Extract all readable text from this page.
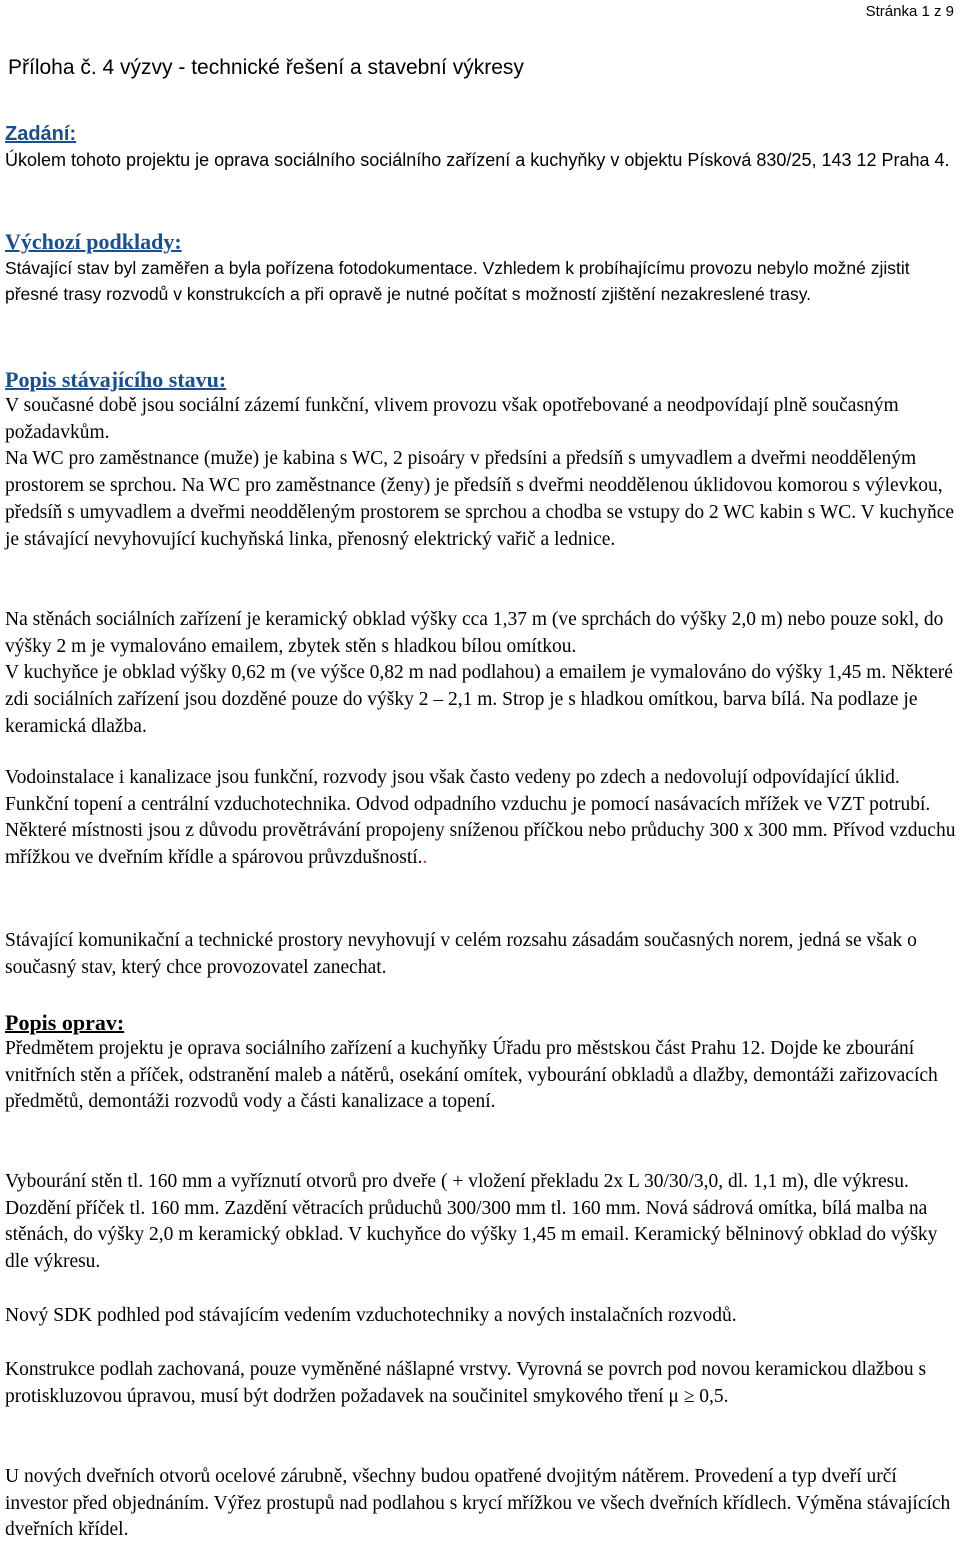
Stránka 1 z 9
Příloha č. 4 výzvy - technické řešení a stavební výkresy
Zadání:

Úkolem tohoto projektu je oprava sociálního sociálního zařízení a kuchyňky v objektu Písková 830/25, 143 12 Praha 4.

Výchozí podklady:

Stávající stav byl zaměřen a byla pořízena fotodokumentace. Vzhledem k probíhajícímu provozu nebylo možné zjistit přesné trasy rozvodů v konstrukcích a při opravě je nutné počítat s možností zjištění nezakreslené trasy.

Popis stávajícího stavu:

V současné době jsou sociální zázemí funkční, vlivem provozu však opotřebované a neodpovídají plně současným požadavkům.

Na WC pro zaměstnance (muže) je kabina s WC, 2 pisoáry v předsíni a předsíň s umyvadlem a dveřmi neodděleným prostorem se sprchou. Na WC pro zaměstnance (ženy) je předsíň s dveřmi neoddělenou úklidovou komorou s výlevkou, předsíň s umyvadlem a dveřmi neodděleným prostorem se sprchou a chodba se vstupy do 2 WC kabin s WC. V kuchyňce je stávající nevyhovující kuchyňská linka, přenosný elektrický vařič a lednice.

Na stěnách sociálních zařízení je keramický obklad výšky cca 1,37 m (ve sprchách do výšky 2,0 m) nebo pouze sokl, do výšky 2 m je vymalováno emailem, zbytek stěn s hladkou bílou omítkou.

V kuchyňce je obklad výšky 0,62 m (ve výšce 0,82 m nad podlahou) a emailem je vymalováno do výšky 1,45 m. Některé zdi sociálních zařízení jsou dozděné pouze do výšky 2 – 2,1 m. Strop je s hladkou omítkou, barva bílá. Na podlaze je keramická dlažba.

Vodoinstalace i kanalizace jsou funkční, rozvody jsou však často vedeny po zdech a nedovolují odpovídající úklid.

Funkční topení a centrální vzduchotechnika. Odvod odpadního vzduchu je pomocí nasávacích mřížek ve VZT potrubí. Některé místnosti jsou z důvodu provětrávání propojeny sníženou příčkou nebo průduchy 300 x 300 mm. Přívod vzduchu mřížkou ve dveřním křídle a spárovou průvzdušností..

Stávající komunikační a technické prostory nevyhovují v celém rozsahu zásadám současných norem, jedná se však o současný stav, který chce provozovatel zanechat.

Popis oprav:

Předmětem projektu je oprava sociálního zařízení a kuchyňky Úřadu pro městskou část Prahu 12. Dojde ke zbourání vnitřních stěn a příček, odstranění maleb a nátěrů, osekání omítek, vybourání obkladů a dlažby, demontáži zařizovacích předmětů, demontáži rozvodů vody a části kanalizace a topení.

Vybourání stěn tl. 160 mm a vyříznutí otvorů pro dveře ( + vložení překladu 2x L 30/30/3,0, dl. 1,1 m), dle výkresu. Dozdění příček tl. 160 mm. Zazdění větracích průduchů 300/300 mm tl. 160 mm. Nová sádrová omítka, bílá malba na stěnách, do výšky 2,0 m keramický obklad. V kuchyňce do výšky 1,45 m email. Keramický bělninový obklad do výšky dle výkresu.

Nový SDK podhled pod stávajícím vedením vzduchotechniky a nových instalačních rozvodů.

Konstrukce podlah zachovaná, pouze vyměněné nášlapné vrstvy. Vyrovná se povrch pod novou keramickou dlažbou s protiskluzovou úpravou, musí být dodržen požadavek na součinitel smykového tření μ ≥ 0,5.

U nových dveřních otvorů ocelové zárubně, všechny budou opatřené dvojitým nátěrem. Provedení a typ dveří určí investor před objednáním. Výřez prostupů nad podlahou s krycí mřížkou ve všech dveřních křídlech. Výměna stávajících dveřních křídel.
